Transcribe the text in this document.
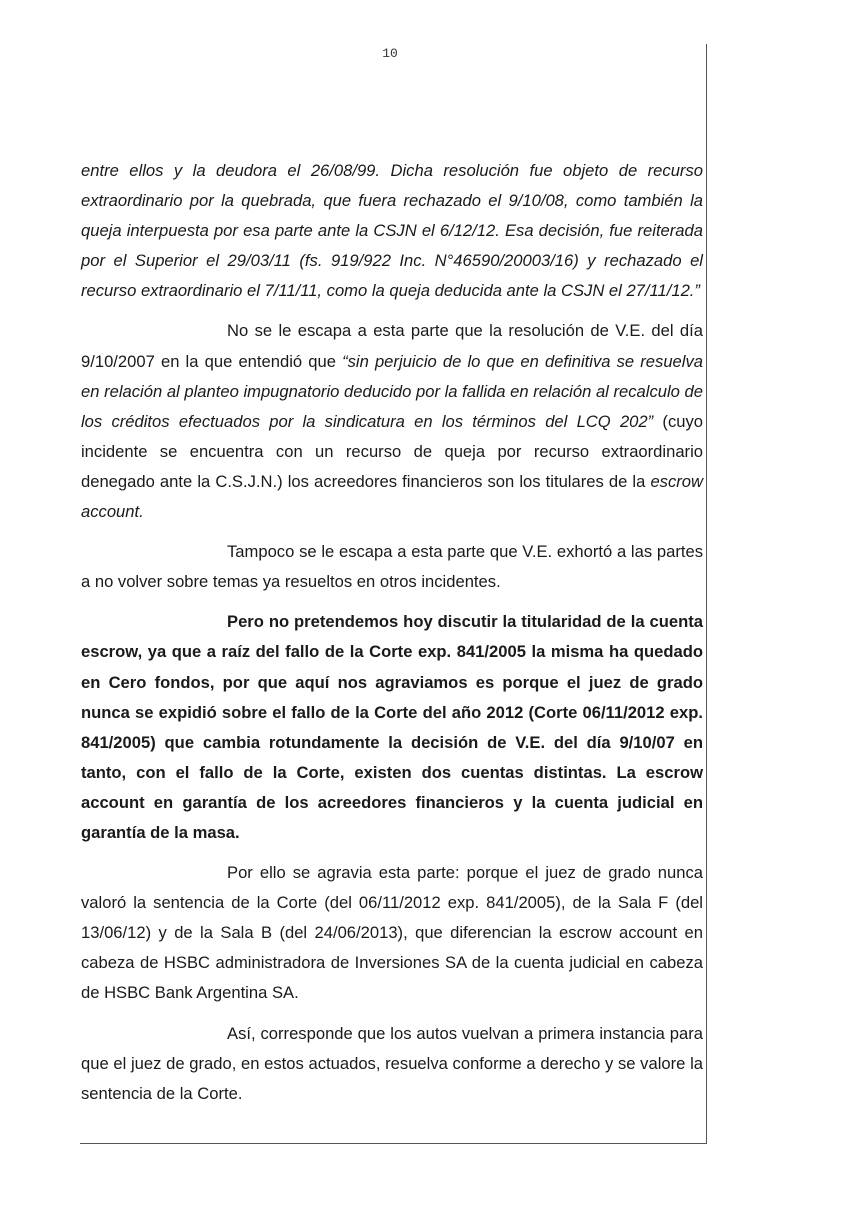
10

entre ellos y la deudora el 26/08/99. Dicha resolución fue objeto de recurso extraordinario por la quebrada, que fuera rechazado el 9/10/08, como también la queja interpuesta por esa parte ante la CSJN el 6/12/12. Esa decisión, fue reiterada por el Superior el 29/03/11 (fs. 919/922 Inc. N°46590/20003/16) y rechazado el recurso extraordinario el 7/11/11, como la queja deducida ante la CSJN el 27/11/12.”

No se le escapa a esta parte que la resolución de V.E. del día 9/10/2007 en la que entendió que “sin perjuicio de lo que en definitiva se resuelva en relación al planteo impugnatorio deducido por la fallida en relación al recalculo de los créditos efectuados por la sindicatura en los términos del LCQ 202” (cuyo incidente se encuentra con un recurso de queja por recurso extraordinario denegado ante la C.S.J.N.) los acreedores financieros son los titulares de la escrow account.

Tampoco se le escapa a esta parte que V.E. exhortó a las partes a no volver sobre temas ya resueltos en otros incidentes.

Pero no pretendemos hoy discutir la titularidad de la cuenta escrow, ya que a raíz del fallo de la Corte exp. 841/2005 la misma ha quedado en Cero fondos, por que aquí nos agraviamos es porque el juez de grado nunca se expidió sobre el fallo de la Corte del año 2012 (Corte 06/11/2012 exp. 841/2005) que cambia rotundamente la decisión de V.E. del día 9/10/07 en tanto, con el fallo de la Corte, existen dos cuentas distintas. La escrow account en garantía de los acreedores financieros y la cuenta judicial en garantía de la masa.

Por ello se agravia esta parte: porque el juez de grado nunca valoró la sentencia de la Corte (del 06/11/2012 exp. 841/2005), de la Sala F (del 13/06/12) y de la Sala B (del 24/06/2013), que diferencian la escrow account en cabeza de HSBC administradora de Inversiones SA de la cuenta judicial en cabeza de HSBC Bank Argentina SA.

Así, corresponde que los autos vuelvan a primera instancia para que el juez de grado, en estos actuados, resuelva conforme a derecho y se valore la sentencia de la Corte.
